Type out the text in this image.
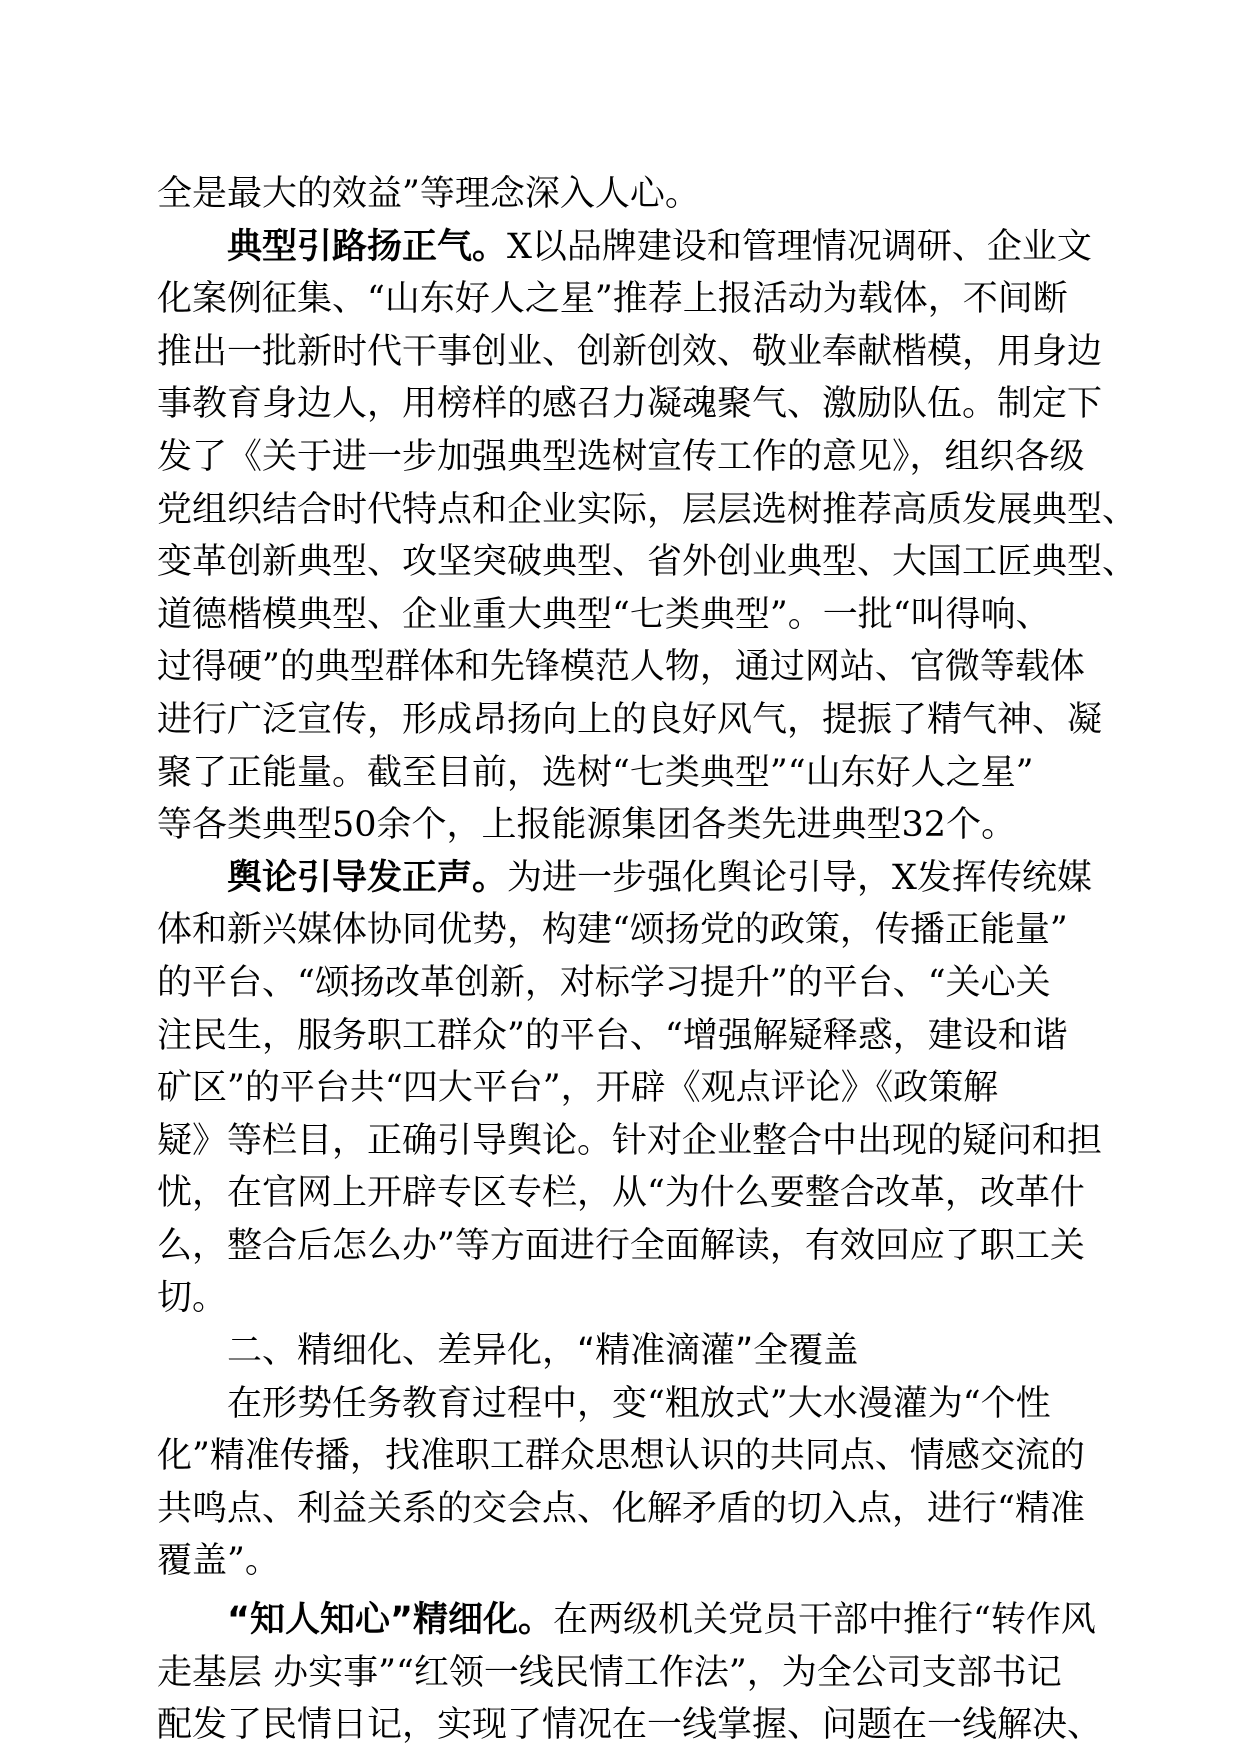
全是最大的效益”等理念深入人心。
典型引路扬正气。X以品牌建设和管理情况调研、企业文
化案例征集、“山东好人之星”推荐上报活动为载体，不间断
推出一批新时代干事创业、创新创效、敬业奉献楷模，用身边
事教育身边人，用榜样的感召力凝魂聚气、激励队伍。制定下
发了《关于进一步加强典型选树宣传工作的意见》，组织各级
党组织结合时代特点和企业实际，层层选树推荐高质发展典型、
变革创新典型、攻坚突破典型、省外创业典型、大国工匠典型、
道德楷模典型、企业重大典型“七类典型”。一批“叫得响、
过得硬”的典型群体和先锋模范人物，通过网站、官微等载体
进行广泛宣传，形成昂扬向上的良好风气，提振了精气神、凝
聚了正能量。截至目前，选树“七类典型”“山东好人之星”
等各类典型50余个，上报能源集团各类先进典型32个。
舆论引导发正声。为进一步强化舆论引导，X发挥传统媒
体和新兴媒体协同优势，构建“颂扬党的政策，传播正能量”
的平台、“颂扬改革创新，对标学习提升”的平台、“关心关
注民生，服务职工群众”的平台、“增强解疑释惑，建设和谐
矿区”的平台共“四大平台”，开辟《观点评论》《政策解
疑》等栏目，正确引导舆论。针对企业整合中出现的疑问和担
忧，在官网上开辟专区专栏，从“为什么要整合改革，改革什
么，整合后怎么办”等方面进行全面解读，有效回应了职工关
切。
二、精细化、差异化，“精准滴灌”全覆盖
在形势任务教育过程中，变“粗放式”大水漫灌为“个性
化”精准传播，找准职工群众思想认识的共同点、情感交流的
共鸣点、利益关系的交会点、化解矛盾的切入点，进行“精准
覆盖”。
“知人知心”精细化。在两级机关党员干部中推行“转作风
走基层 办实事”“红领一线民情工作法”，为全公司支部书记
配发了民情日记，实现了情况在一线掌握、问题在一线解决、
